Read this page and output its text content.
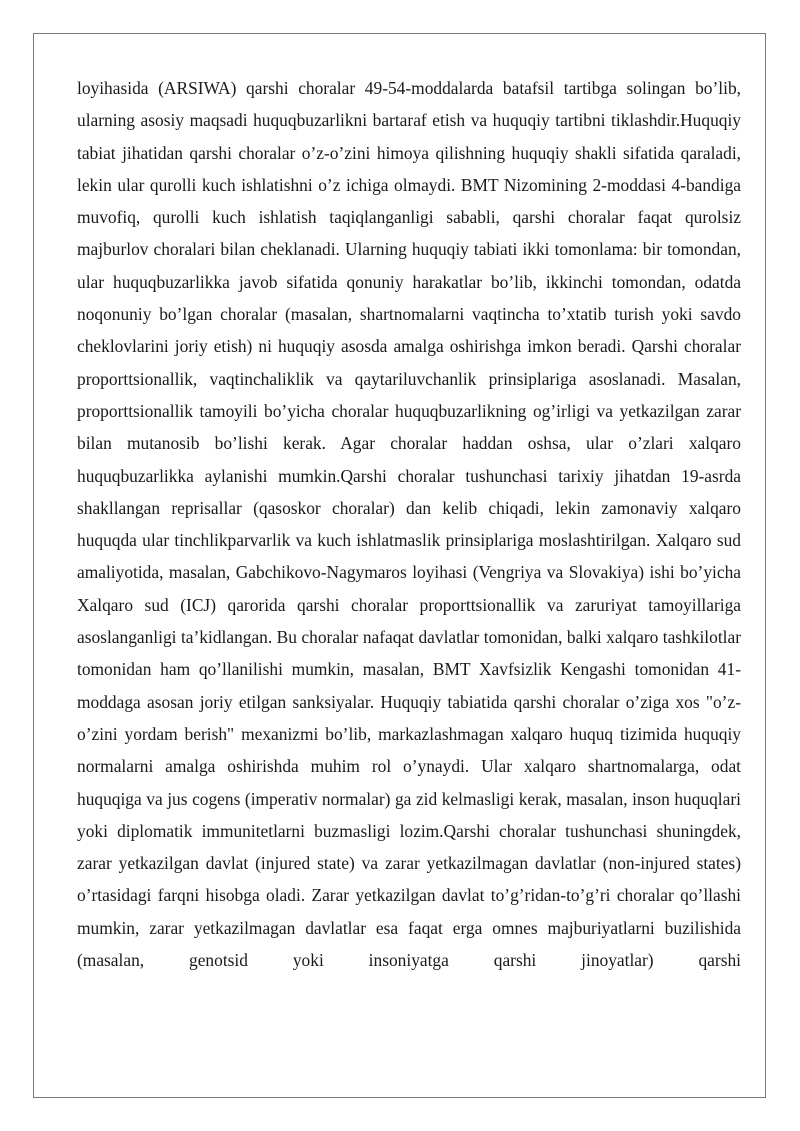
loyihasida (ARSIWA) qarshi choralar 49-54-moddalarda batafsil tartibga solingan bo’lib, ularning asosiy maqsadi huquqbuzarlikni bartaraf etish va huquqiy tartibni tiklashdir.Huquqiy tabiat jihatidan qarshi choralar o’z-o’zini himoya qilishning huquqiy shakli sifatida qaraladi, lekin ular qurolli kuch ishlatishni o’z ichiga olmaydi. BMT Nizomining 2-moddasi 4-bandiga muvofiq, qurolli kuch ishlatish taqiqlanganligi sababli, qarshi choralar faqat qurolsiz majburlov choralari bilan cheklanadi. Ularning huquqiy tabiati ikki tomonlama: bir tomondan, ular huquqbuzarlikka javob sifatida qonuniy harakatlar bo’lib, ikkinchi tomondan, odatda noqonuniy bo’lgan choralar (masalan, shartnomalarni vaqtincha to’xtatib turish yoki savdo cheklovlarini joriy etish) ni huquqiy asosda amalga oshirishga imkon beradi. Qarshi choralar proporttsionallik, vaqtinchaliklik va qaytariluvchanlik prinsiplariga asoslanadi. Masalan, proporttsionallik tamoyili bo’yicha choralar huquqbuzarlikning og’irligi va yetkazilgan zarar bilan mutanosib bo’lishi kerak. Agar choralar haddan oshsa, ular o’zlari xalqaro huquqbuzarlikka aylanishi mumkin.Qarshi choralar tushunchasi tarixiy jihatdan 19-asrda shakllangan reprisallar (qasoskor choralar) dan kelib chiqadi, lekin zamonaviy xalqaro huquqda ular tinchlikparvarlik va kuch ishlatmaslik prinsiplariga moslashtirilgan. Xalqaro sud amaliyotida, masalan, Gabchikovo-Nagymaros loyihasi (Vengriya va Slovakiya) ishi bo’yicha Xalqaro sud (ICJ) qarorida qarshi choralar proporttsionallik va zaruriyat tamoyillariga asoslanganligi ta’kidlangan. Bu choralar nafaqat davlatlar tomonidan, balki xalqaro tashkilotlar tomonidan ham qo’llanilishi mumkin, masalan, BMT Xavfsizlik Kengashi tomonidan 41-moddaga asosan joriy etilgan sanksiyalar. Huquqiy tabiatida qarshi choralar o’ziga xos "o’z-o’zini yordam berish" mexanizmi bo’lib, markazlashmagan xalqaro huquq tizimida huquqiy normalarni amalga oshirishda muhim rol o’ynaydi. Ular xalqaro shartnomalarga, odat huquqiga va jus cogens (imperativ normalar) ga zid kelmasligi kerak, masalan, inson huquqlari yoki diplomatik immunitetlarni buzmasligi lozim.Qarshi choralar tushunchasi shuningdek, zarar yetkazilgan davlat (injured state) va zarar yetkazilmagan davlatlar (non-injured states) o’rtasidagi farqni hisobga oladi. Zarar yetkazilgan davlat to’g’ridan-to’g’ri choralar qo’llashi mumkin, zarar yetkazilmagan davlatlar esa faqat erga omnes majburiyatlarni buzilishida (masalan, genotsid yoki insoniyatga qarshi jinoyatlar) qarshi
